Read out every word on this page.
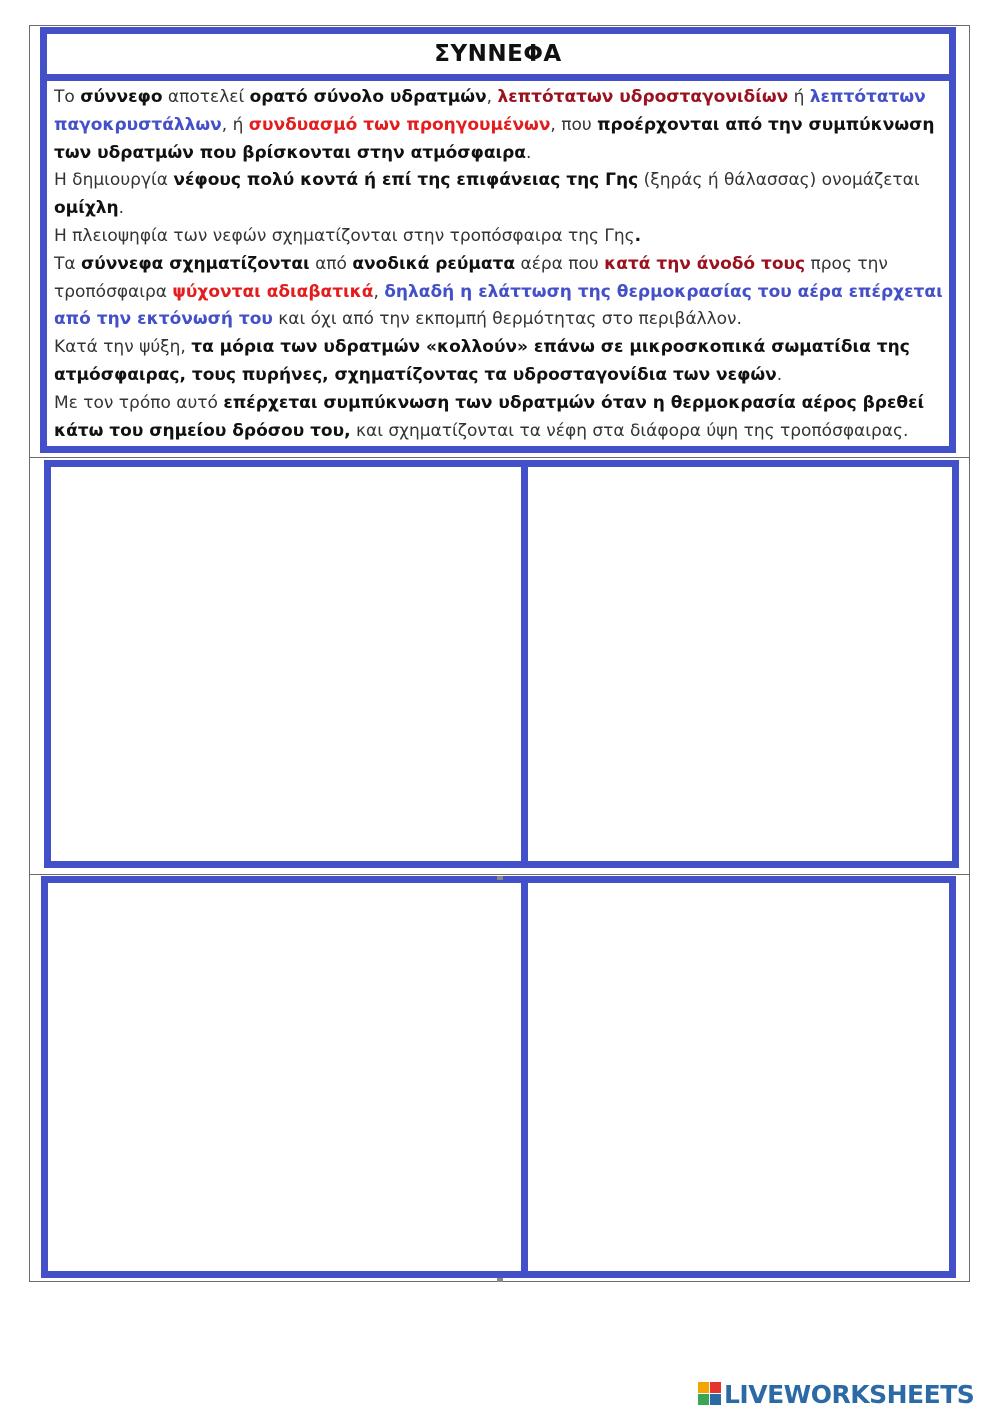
ΣΥΝΝΕΦΑ
Το σύννεφο αποτελεί ορατό σύνολο υδρατμών, λεπτότατων υδροσταγονιδίων ή λεπτότατων παγοκρυστάλλων, ή συνδυασμό των προηγουμένων, που προέρχονται από την συμπύκνωση των υδρατμών που βρίσκονται στην ατμόσφαιρα.
Η δημιουργία νέφους πολύ κοντά ή επί της επιφάνειας της Γης (ξηράς ή θάλασσας) ονομάζεται ομίχλη.
Η πλειοψηφία των νεφών σχηματίζονται στην τροπόσφαιρα της Γης.
Τα σύννεφα σχηματίζονται από ανοδικά ρεύματα αέρα που κατά την άνοδό τους προς την τροπόσφαιρα ψύχονται αδιαβατικά, δηλαδή η ελάττωση της θερμοκρασίας του αέρα επέρχεται από την εκτόνωσή του και όχι από την εκπομπή θερμότητας στο περιβάλλον.
Κατά την ψύξη, τα μόρια των υδρατμών «κολλούν» επάνω σε μικροσκοπικά σωματίδια της ατμόσφαιρας, τους πυρήνες, σχηματίζοντας τα υδροσταγονίδια των νεφών.
Με τον τρόπο αυτό επέρχεται συμπύκνωση των υδρατμών όταν η θερμοκρασία αέρος βρεθεί κάτω του σημείου δρόσου του, και σχηματίζονται τα νέφη στα διάφορα ύψη της τροπόσφαιρας.
LIVEWORKSHEETS
